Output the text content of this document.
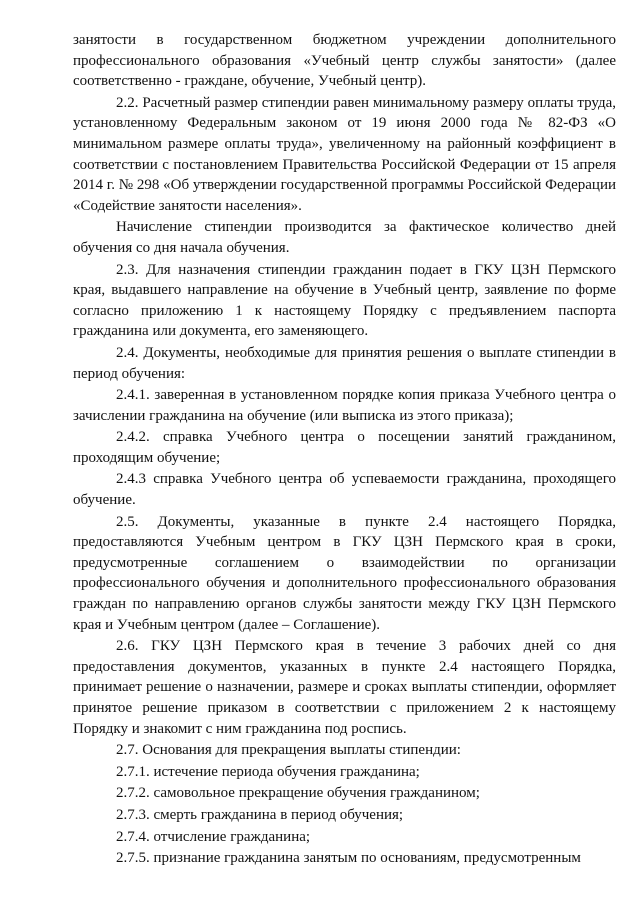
занятости в государственном бюджетном учреждении дополнительного профессионального образования «Учебный центр службы занятости» (далее соответственно - граждане, обучение, Учебный центр).

2.2. Расчетный размер стипендии равен минимальному размеру оплаты труда, установленному Федеральным законом от 19 июня 2000 года № 82-ФЗ «О минимальном размере оплаты труда», увеличенному на районный коэффициент в соответствии с постановлением Правительства Российской Федерации от 15 апреля 2014 г. № 298 «Об утверждении государственной программы Российской Федерации «Содействие занятости населения».

Начисление стипендии производится за фактическое количество дней обучения со дня начала обучения.

2.3. Для назначения стипендии гражданин подает в ГКУ ЦЗН Пермского края, выдавшего направление на обучение в Учебный центр, заявление по форме согласно приложению 1 к настоящему Порядку с предъявлением паспорта гражданина или документа, его заменяющего.

2.4. Документы, необходимые для принятия решения о выплате стипендии в период обучения:

2.4.1. заверенная в установленном порядке копия приказа Учебного центра о зачислении гражданина на обучение (или выписка из этого приказа);

2.4.2. справка Учебного центра о посещении занятий гражданином, проходящим обучение;

2.4.3 справка Учебного центра об успеваемости гражданина, проходящего обучение.

2.5. Документы, указанные в пункте 2.4 настоящего Порядка, предоставляются Учебным центром в ГКУ ЦЗН Пермского края в сроки, предусмотренные соглашением о взаимодействии по организации профессионального обучения и дополнительного профессионального образования граждан по направлению органов службы занятости между ГКУ ЦЗН Пермского края и Учебным центром (далее – Соглашение).

2.6. ГКУ ЦЗН Пермского края в течение 3 рабочих дней со дня предоставления документов, указанных в пункте 2.4 настоящего Порядка, принимает решение о назначении, размере и сроках выплаты стипендии, оформляет принятое решение приказом в соответствии с приложением 2 к настоящему Порядку и знакомит с ним гражданина под роспись.

2.7. Основания для прекращения выплаты стипендии:

2.7.1. истечение периода обучения гражданина;

2.7.2. самовольное прекращение обучения гражданином;

2.7.3. смерть гражданина в период обучения;

2.7.4. отчисление гражданина;

2.7.5. признание гражданина занятым по основаниям, предусмотренным
